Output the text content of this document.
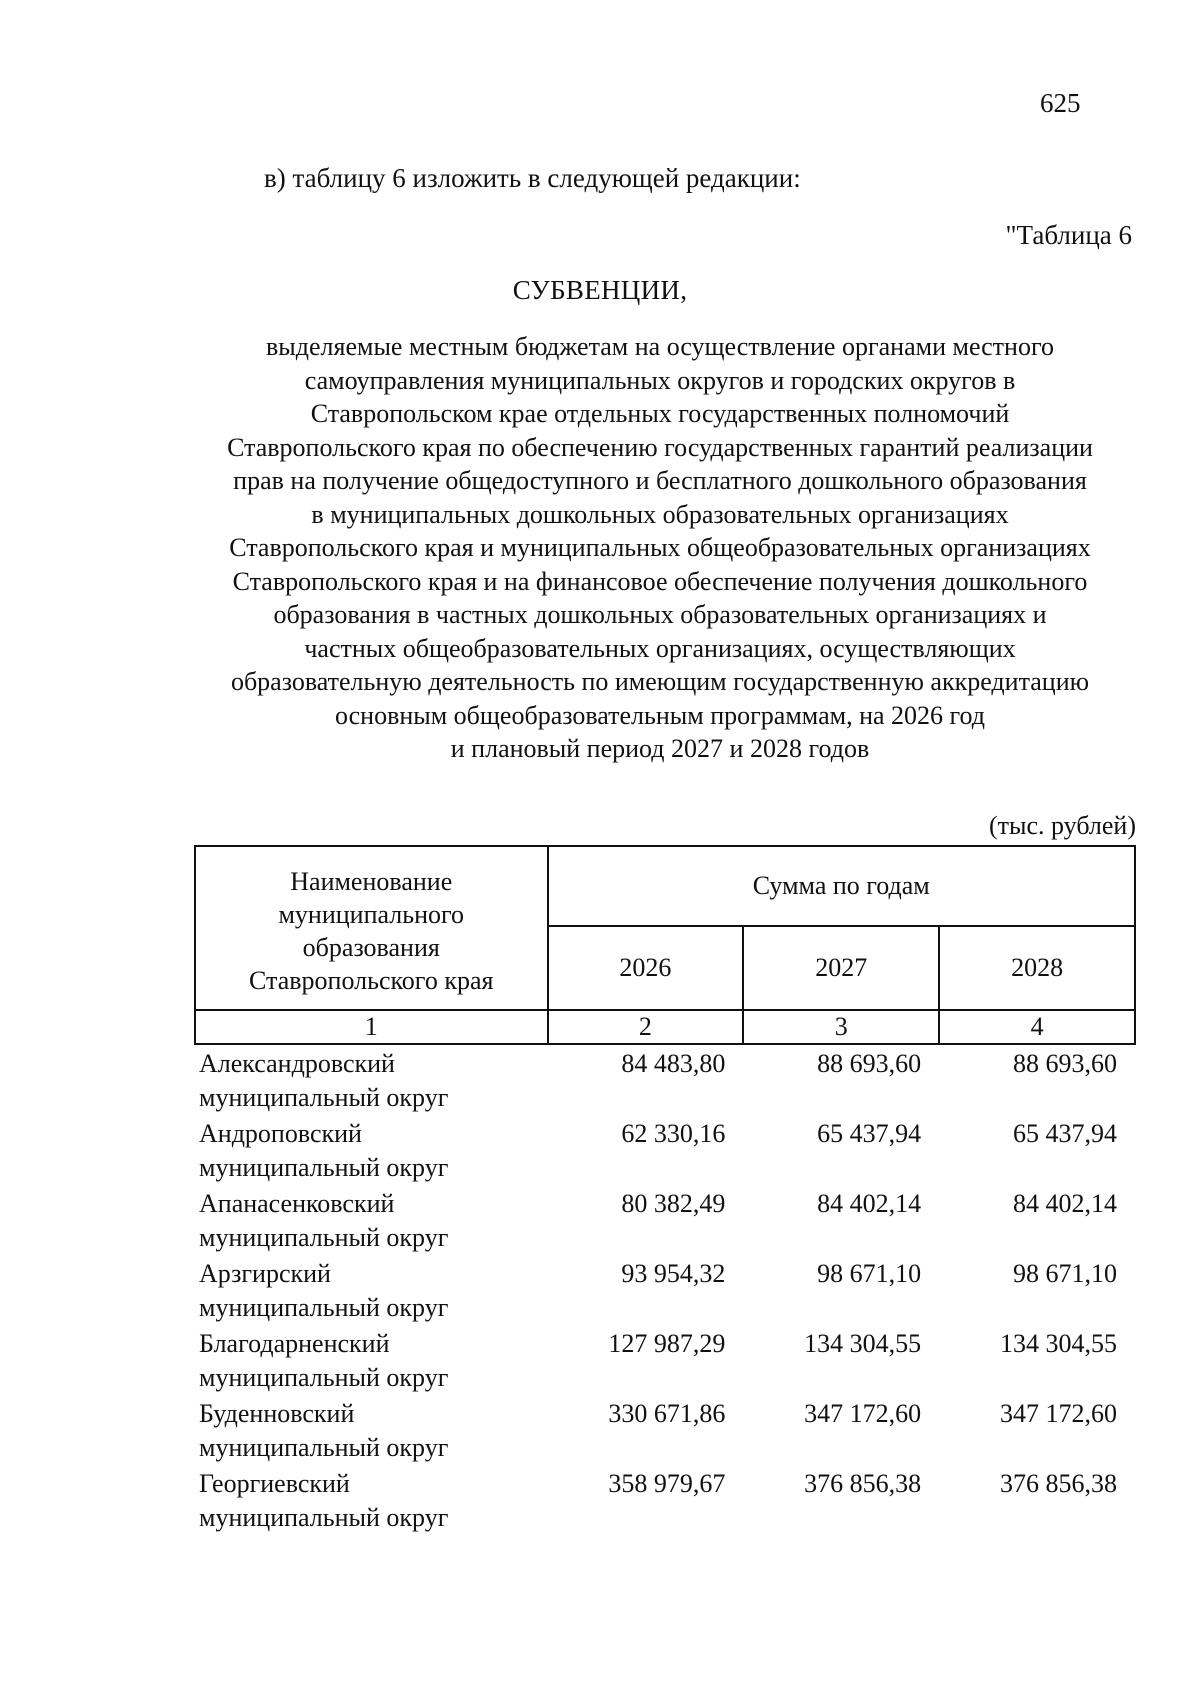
625
в) таблицу 6 изложить в следующей редакции:
"Таблица 6
СУБВЕНЦИИ,
выделяемые местным бюджетам на осуществление органами местного
самоуправления муниципальных округов и городских округов в
Ставропольском крае отдельных государственных полномочий
Ставропольского края по обеспечению государственных гарантий реализации
прав на получение общедоступного и бесплатного дошкольного образования
в муниципальных дошкольных образовательных организациях
Ставропольского края и муниципальных общеобразовательных организациях
Ставропольского края и на финансовое обеспечение получения дошкольного
образования в частных дошкольных образовательных организациях и
частных общеобразовательных организациях, осуществляющих
образовательную деятельность по имеющим государственную аккредитацию
основным общеобразовательным программам, на 2026 год
и плановый период 2027 и 2028 годов
(тыс. рублей)
Наименование
муниципального
образования
Ставропольского края	Сумма по годам		
	2026	2027	2028
1	2	3	4

Александровский
муниципальный округ	84 483,80	88 693,60	88 693,60

Андроповский
муниципальный округ	62 330,16	65 437,94	65 437,94

Апанасенковский
муниципальный округ	80 382,49	84 402,14	84 402,14

Арзгирский
муниципальный округ	93 954,32	98 671,10	98 671,10

Благодарненский
муниципальный округ	127 987,29	134 304,55	134 304,55

Буденновский
муниципальный округ	330 671,86	347 172,60	347 172,60

Георгиевский
муниципальный округ	358 979,67	376 856,38	376 856,38
